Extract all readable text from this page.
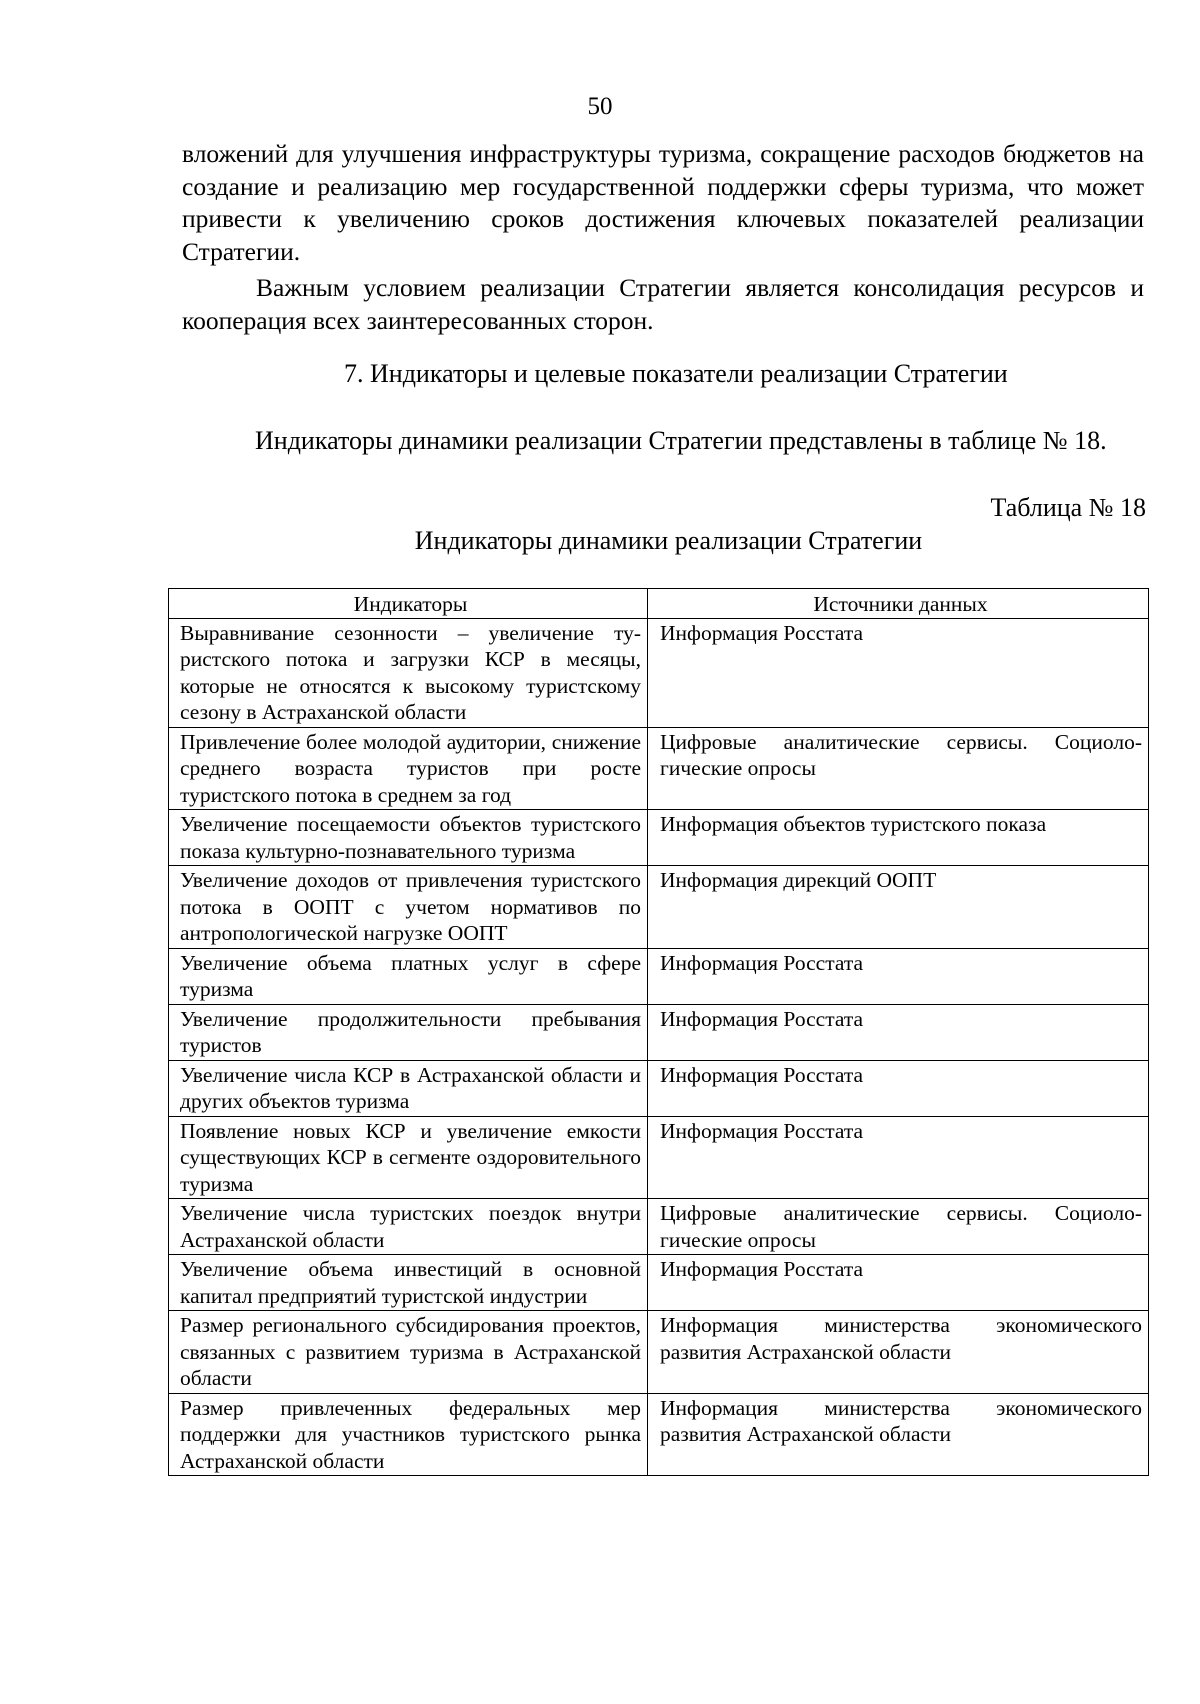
50
вложений для улучшения инфраструктуры туризма, сокращение расходов бюджетов на создание и реализацию мер государственной поддержки сферы туризма, что может привести к увеличению сроков достижения ключевых показателей реализации Стратегии.
Важным условием реализации Стратегии является консолидация ресурсов и кооперация всех заинтересованных сторон.
7. Индикаторы и целевые показатели реализации Стратегии
Индикаторы динамики реализации Стратегии представлены в таблице № 18.
Таблица № 18
Индикаторы динамики реализации Стратегии
Индикаторы	Источники данных
Выравнивание сезонности – увеличение туристского потока и загрузки КСР в месяцы, которые не относятся к высокому туристскому сезону в Астраханской области	Информация Росстата
Привлечение более молодой аудитории, снижение среднего возраста туристов при росте туристского потока в среднем за год	Цифровые аналитические сервисы. Социологические опросы
Увеличение посещаемости объектов туристского показа культурно-познавательного туризма	Информация объектов туристского показа
Увеличение доходов от привлечения туристского потока в ООПТ с учетом нормативов по антропологической нагрузке ООПТ	Информация дирекций ООПТ
Увеличение объема платных услуг в сфере туризма	Информация Росстата
Увеличение продолжительности пребывания туристов	Информация Росстата
Увеличение числа КСР в Астраханской области и других объектов туризма	Информация Росстата
Появление новых КСР и увеличение емкости существующих КСР в сегменте оздоровительного туризма	Информация Росстата
Увеличение числа туристских поездок внутри Астраханской области	Цифровые аналитические сервисы. Социологические опросы
Увеличение объема инвестиций в основной капитал предприятий туристской индустрии	Информация Росстата
Размер регионального субсидирования проектов, связанных с развитием туризма в Астраханской области	Информация министерства экономического развития Астраханской области
Размер привлеченных федеральных мер поддержки для участников туристского рынка Астраханской области	Информация министерства экономического развития Астраханской области
